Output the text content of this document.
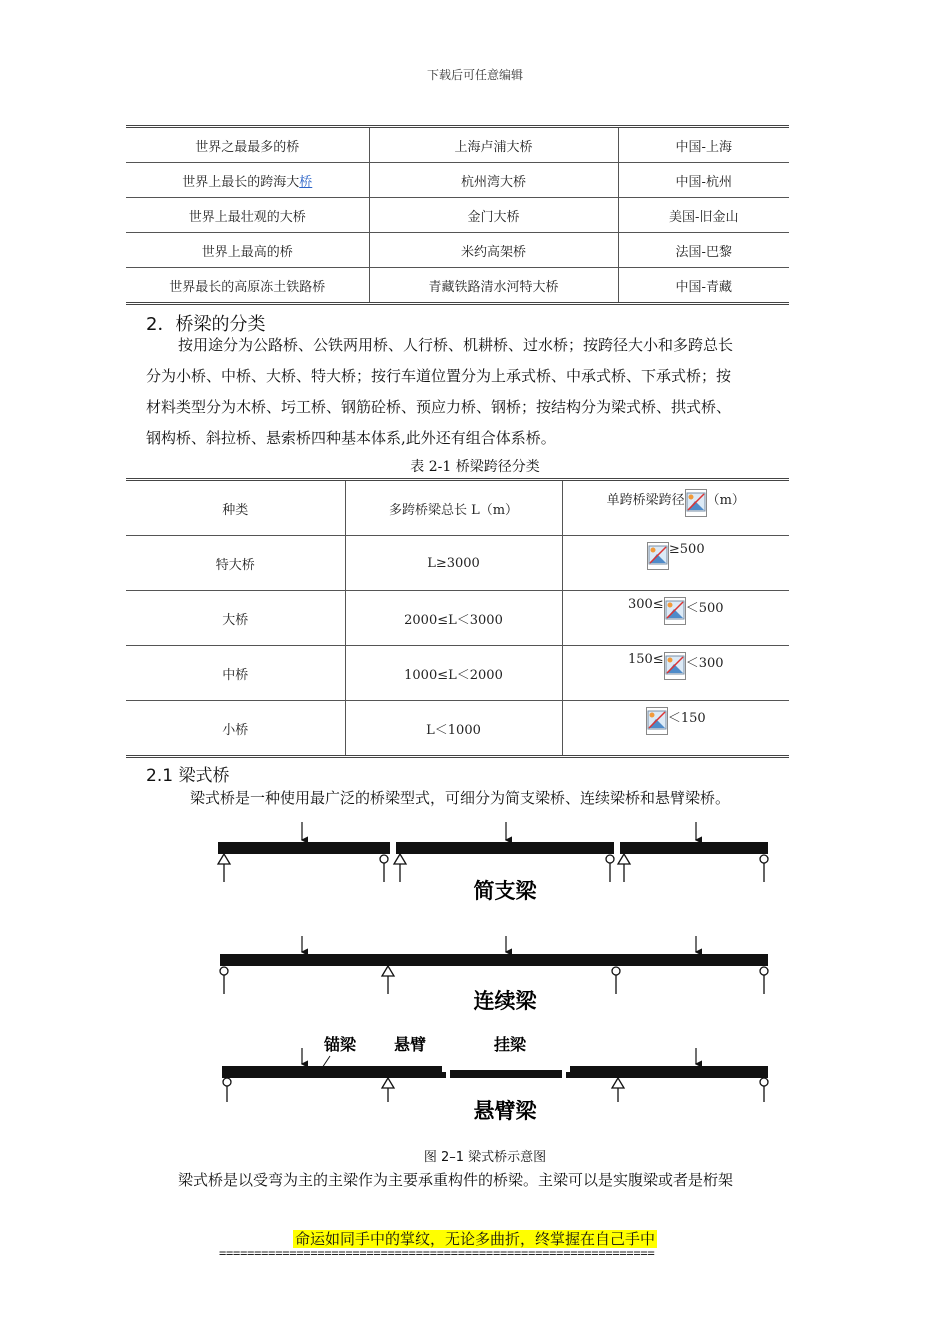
下载后可任意编辑
世界之最最多的桥	上海卢浦大桥	中国-上海
世界上最长的跨海大桥	杭州湾大桥	中国-杭州
世界上最壮观的大桥	金门大桥	美国-旧金山
世界上最高的桥	米约高架桥	法国-巴黎
世界最长的高原冻土铁路桥	青藏铁路清水河特大桥	中国-青藏
2．桥梁的分类
按用途分为公路桥、公铁两用桥、人行桥、机耕桥、过水桥；按跨径大小和多跨总长
分为小桥、中桥、大桥、特大桥；按行车道位置分为上承式桥、中承式桥、下承式桥；按
材料类型分为木桥、圬工桥、钢筋砼桥、预应力桥、钢桥；按结构分为梁式桥、拱式桥、
钢构桥、斜拉桥、悬索桥四种基本体系,此外还有组合体系桥。
表 2-1 桥梁跨径分类
种类	多跨桥梁总长 L（m）	单跨桥梁跨径 （m）

特大桥	L≥3000	≥500

大桥	2000≤L＜3000	300≤ ＜500

中桥	1000≤L＜2000	150≤ ＜300

小桥	L＜1000	＜150
2.1 梁式桥
梁式桥是一种使用最广泛的桥梁型式，可细分为简支梁桥、连续梁桥和悬臂梁桥。
简支梁
连续梁
锚梁 悬臂	挂梁
悬臂梁
图 2–1 梁式桥示意图
梁式桥是以受弯为主的主梁作为主要承重构件的桥梁。主梁可以是实腹梁或者是桁架
命运如同手中的掌纹，无论多曲折，终掌握在自己手中
==============================================================
